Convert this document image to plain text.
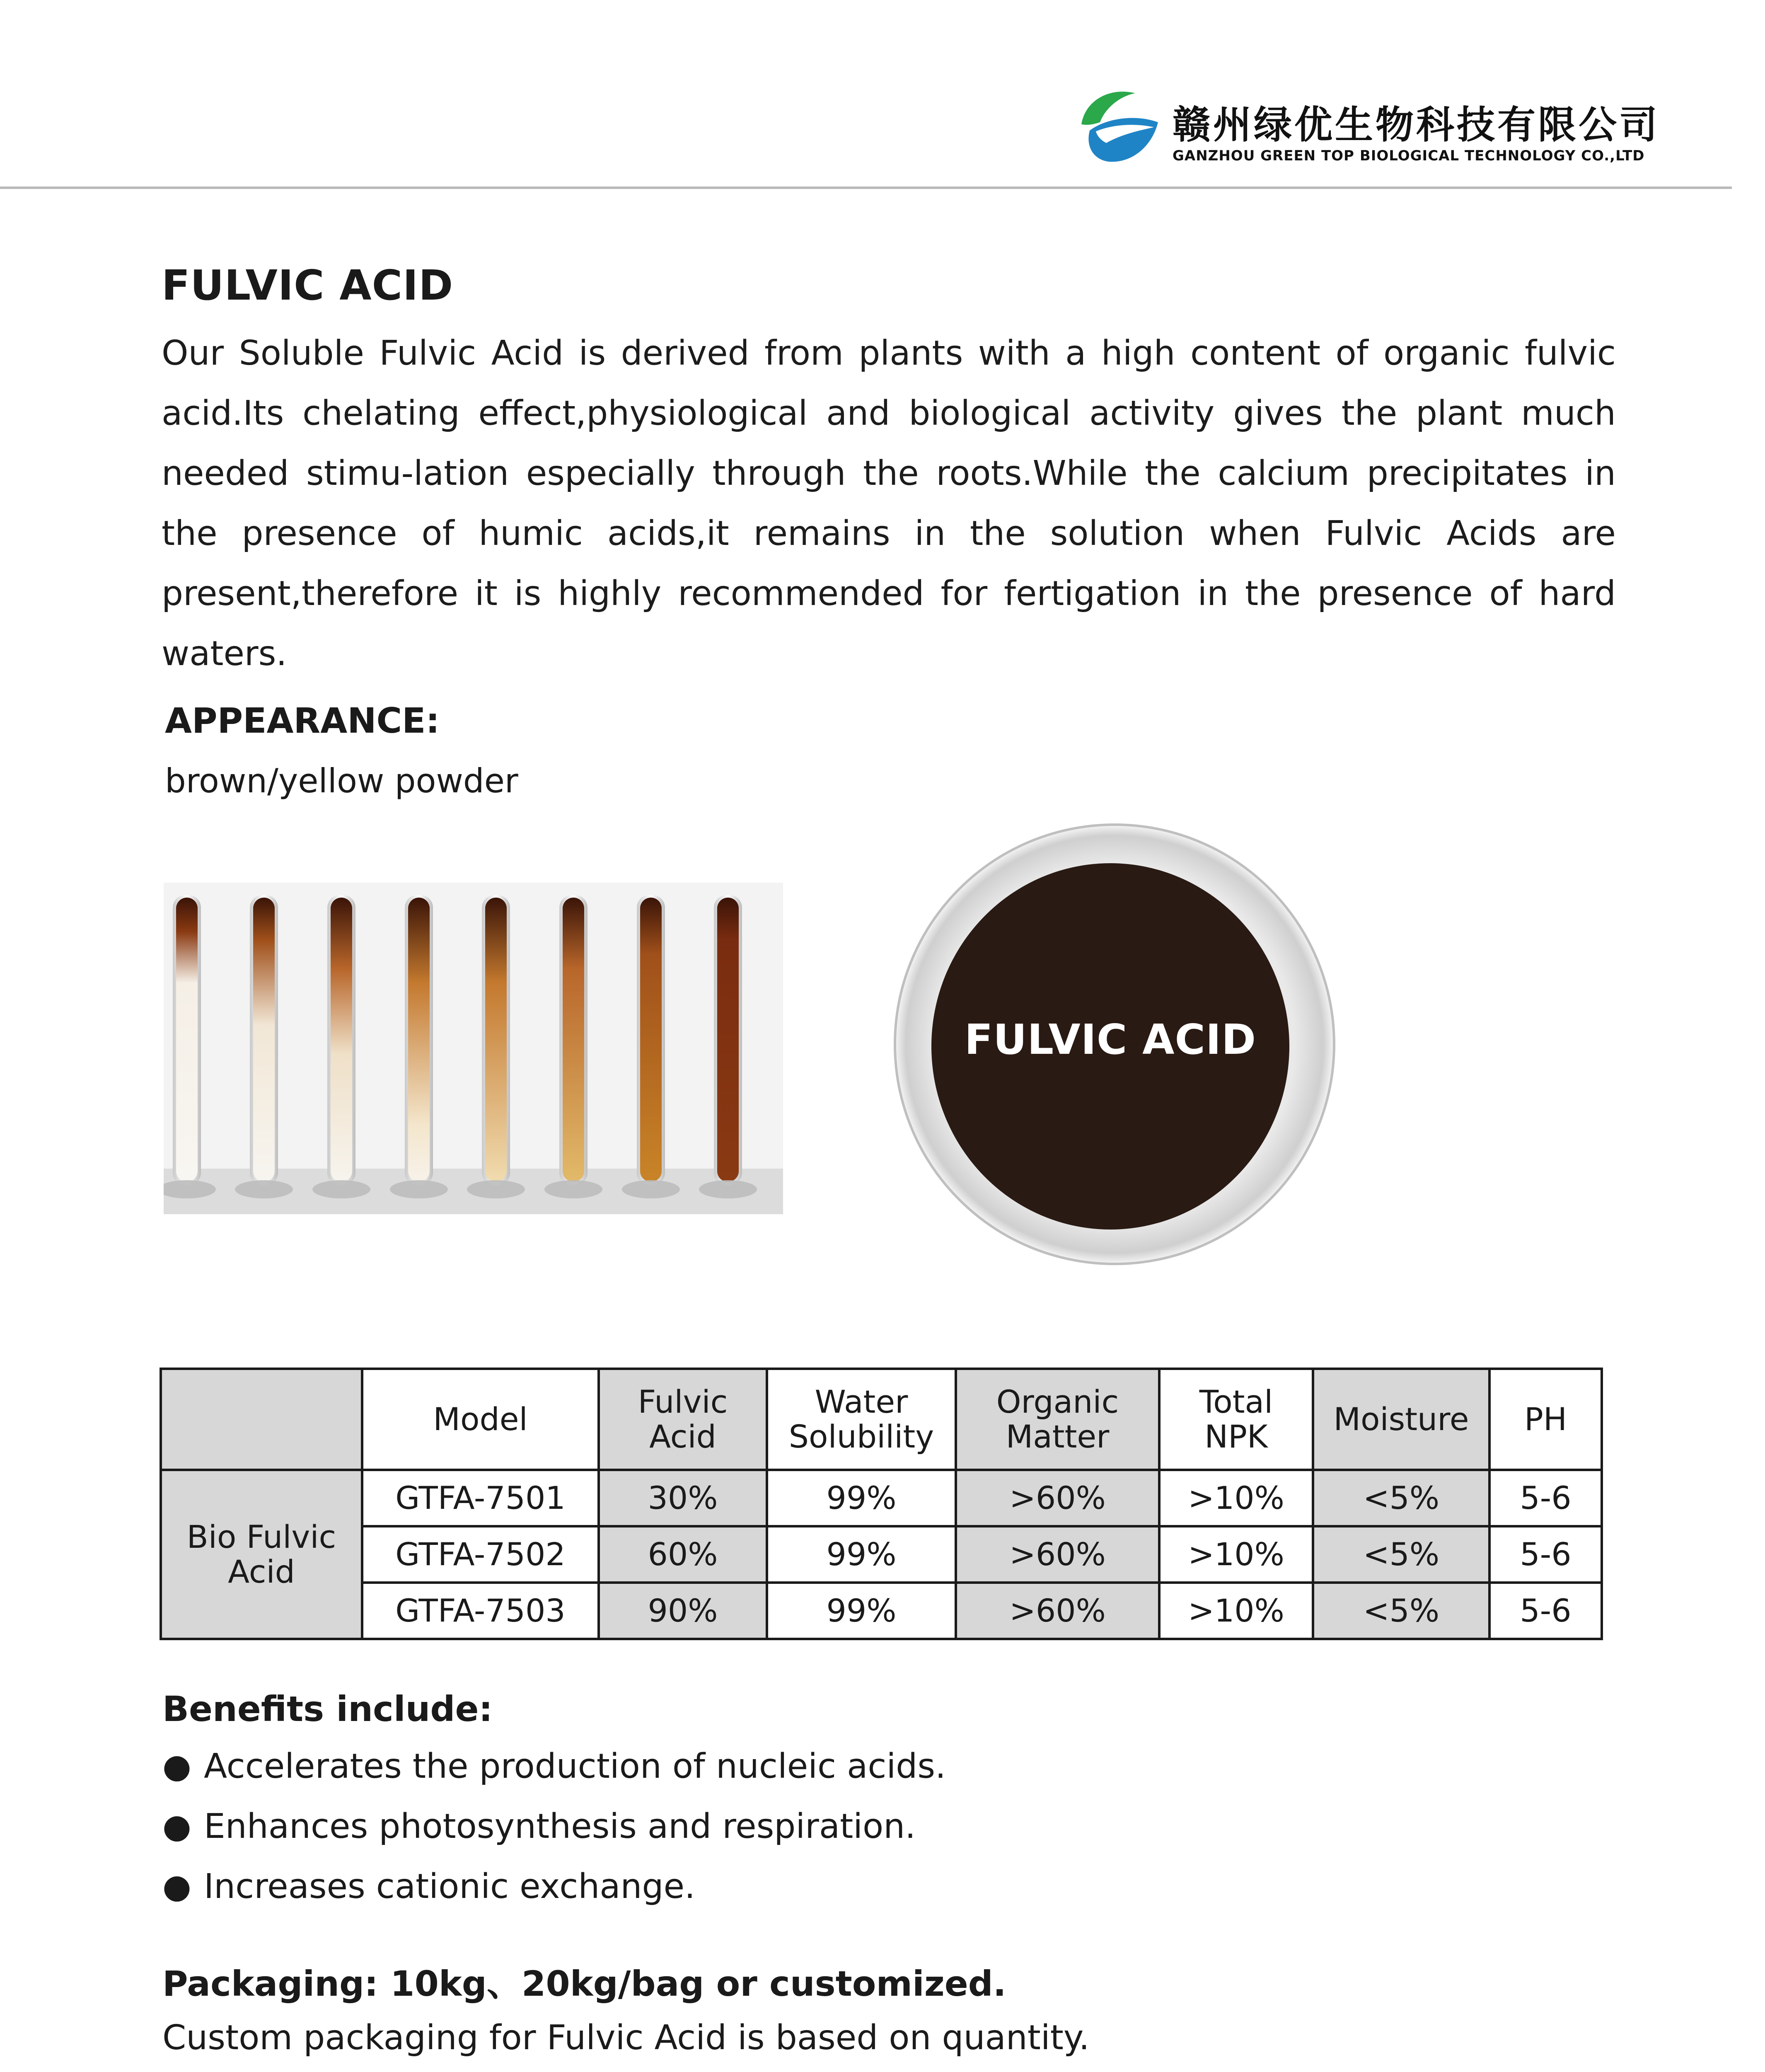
赣州绿优生物科技有限公司
GANZHOU GREEN TOP BIOLOGICAL TECHNOLOGY CO.,LTD
FULVIC ACID
Our Soluble Fulvic Acid is derived from plants with a high content of organic fulvic acid.Its chelating effect,physiological and biological activity gives the plant much needed stimu-lation especially through the roots.While the calcium precipitates in the presence of humic acids,it remains in the solution when Fulvic Acids are present,therefore it is highly recommended for fertigation in the presence of hard waters.
APPEARANCE:
brown/yellow powder
FULVIC ACID
	Model	Fulvic Acid	Water Solubility	Organic Matter	Total NPK	Moisture	PH
Bio Fulvic Acid	GTFA-7501	30%	99%	>60%	>10%	<5%	5-6
	GTFA-7502	60%	99%	>60%	>10%	<5%	5-6
	GTFA-7503	90%	99%	>60%	>10%	<5%	5-6
Benefits include:
● Accelerates the production of nucleic acids.
● Enhances photosynthesis and respiration.
● Increases cationic exchange.
Packaging: 10kg、20kg/bag or customized.
Custom packaging for Fulvic Acid is based on quantity.
